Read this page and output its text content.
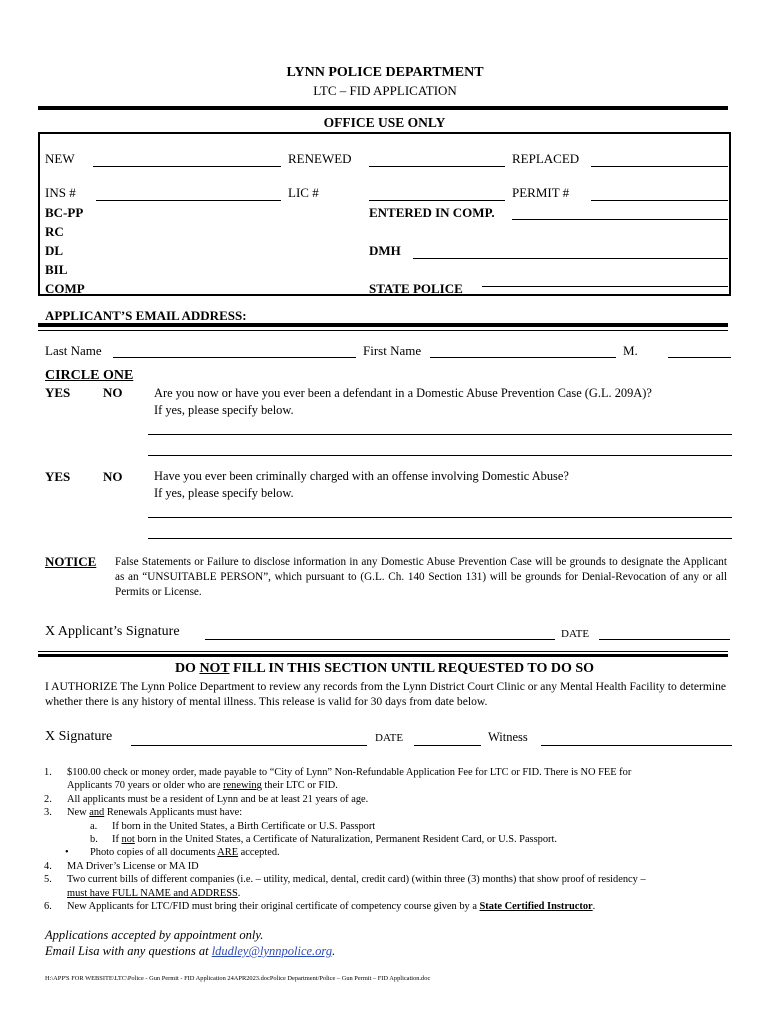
LYNN POLICE DEPARTMENT
LTC – FID APPLICATION
OFFICE USE ONLY
NEW	RENEWED	REPLACED
INS #	LIC #	PERMIT #
BC-PP	ENTERED IN COMP.
RC
DL	DMH
BIL
COMP	STATE POLICE
APPLICANT’S EMAIL ADDRESS:
Last Name	First Name	M.
CIRCLE ONE
YES	NO	Are you now or have you ever been a defendant in a Domestic Abuse Prevention Case (G.L. 209A)?
If yes, please specify below.
YES	NO	Have you ever been criminally charged with an offense involving Domestic Abuse?
If yes, please specify below.
NOTICE False Statements or Failure to disclose information in any Domestic Abuse Prevention Case will be grounds to designate the Applicant as an “UNSUITABLE PERSON”, which pursuant to (G.L. Ch. 140 Section 131) will be grounds for Denial-Revocation of any or all Permits or License.
X Applicant’s Signature	DATE
DO NOT FILL IN THIS SECTION UNTIL REQUESTED TO DO SO
I AUTHORIZE The Lynn Police Department to review any records from the Lynn District Court Clinic or any Mental Health Facility to determine whether there is any history of mental illness. This release is valid for 30 days from date below.
X Signature	DATE	Witness
1. $100.00 check or money order, made payable to “City of Lynn” Non-Refundable Application Fee for LTC or FID. There is NO FEE for
Applicants 70 years or older who are renewing their LTC or FID.
2. All applicants must be a resident of Lynn and be at least 21 years of age.
3. New and Renewals Applicants must have:
a. If born in the United States, a Birth Certificate or U.S. Passport
b. If not born in the United States, a Certificate of Naturalization, Permanent Resident Card, or U.S. Passport.
• Photo copies of all documents ARE accepted.
4. MA Driver’s License or MA ID
5. Two current bills of different companies (i.e. – utility, medical, dental, credit card) (within three (3) months) that show proof of residency –
must have FULL NAME and ADDRESS.
6. New Applicants for LTC/FID must bring their original certificate of competency course given by a State Certified Instructor.
Applications accepted by appointment only.
Email Lisa with any questions at ldudley@lynnpolice.org.
H:\APP'S FOR WEBSITE\LTC\Police - Gun Permit - FID Application 24APR2023.docPolice Department/Police – Gun Permit – FID Application.doc
